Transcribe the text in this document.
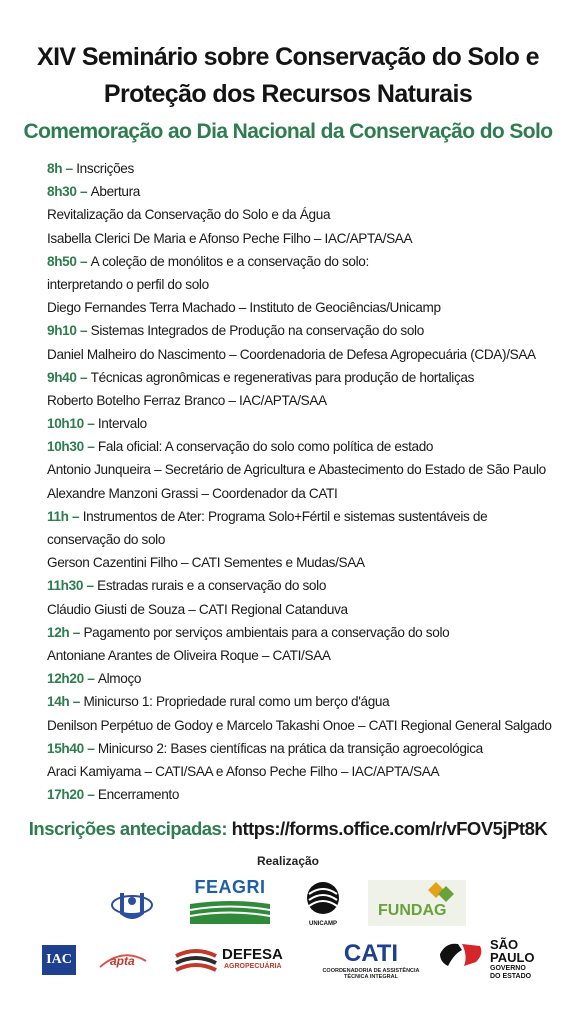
XIV Seminário sobre Conservação do Solo e
Proteção dos Recursos Naturais
Comemoração ao Dia Nacional da Conservação do Solo
8h – Inscrições
8h30 – Abertura
Revitalização da Conservação do Solo e da Água
Isabella Clerici De Maria e Afonso Peche Filho – IAC/APTA/SAA
8h50 – A coleção de monólitos e a conservação do solo:
interpretando o perfil do solo
Diego Fernandes Terra Machado – Instituto de Geociências/Unicamp
9h10 – Sistemas Integrados de Produção na conservação do solo
Daniel Malheiro do Nascimento – Coordenadoria de Defesa Agropecuária (CDA)/SAA
9h40 – Técnicas agronômicas e regenerativas para produção de hortaliças
Roberto Botelho Ferraz Branco – IAC/APTA/SAA
10h10 – Intervalo
10h30 – Fala oficial: A conservação do solo como política de estado
Antonio Junqueira – Secretário de Agricultura e Abastecimento do Estado de São Paulo
Alexandre Manzoni Grassi – Coordenador da CATI
11h – Instrumentos de Ater: Programa Solo+Fértil e sistemas sustentáveis de
conservação do solo
Gerson Cazentini Filho – CATI Sementes e Mudas/SAA
11h30 – Estradas rurais e a conservação do solo
Cláudio Giusti de Souza – CATI Regional Catanduva
12h – Pagamento por serviços ambientais para a conservação do solo
Antoniane Arantes de Oliveira Roque – CATI/SAA
12h20 – Almoço
14h – Minicurso 1: Propriedade rural como um berço d'água
Denilson Perpétuo de Godoy e Marcelo Takashi Onoe – CATI Regional General Salgado
15h40 – Minicurso 2: Bases científicas na prática da transição agroecológica
Araci Kamiyama – CATI/SAA e Afonso Peche Filho – IAC/APTA/SAA
17h20 – Encerramento
Inscrições antecipadas: https://forms.office.com/r/vFOV5jPt8K
Realização
FEAGRI
UNICAMP
FUNDAG
IAC	apta	DEFESA
AGROPECUÁRIA	CATI
COORDENADORIA DE ASSISTÊNCIA
TÉCNICA INTEGRAL
SÃO
PAULO
GOVERNO
DO ESTADO
